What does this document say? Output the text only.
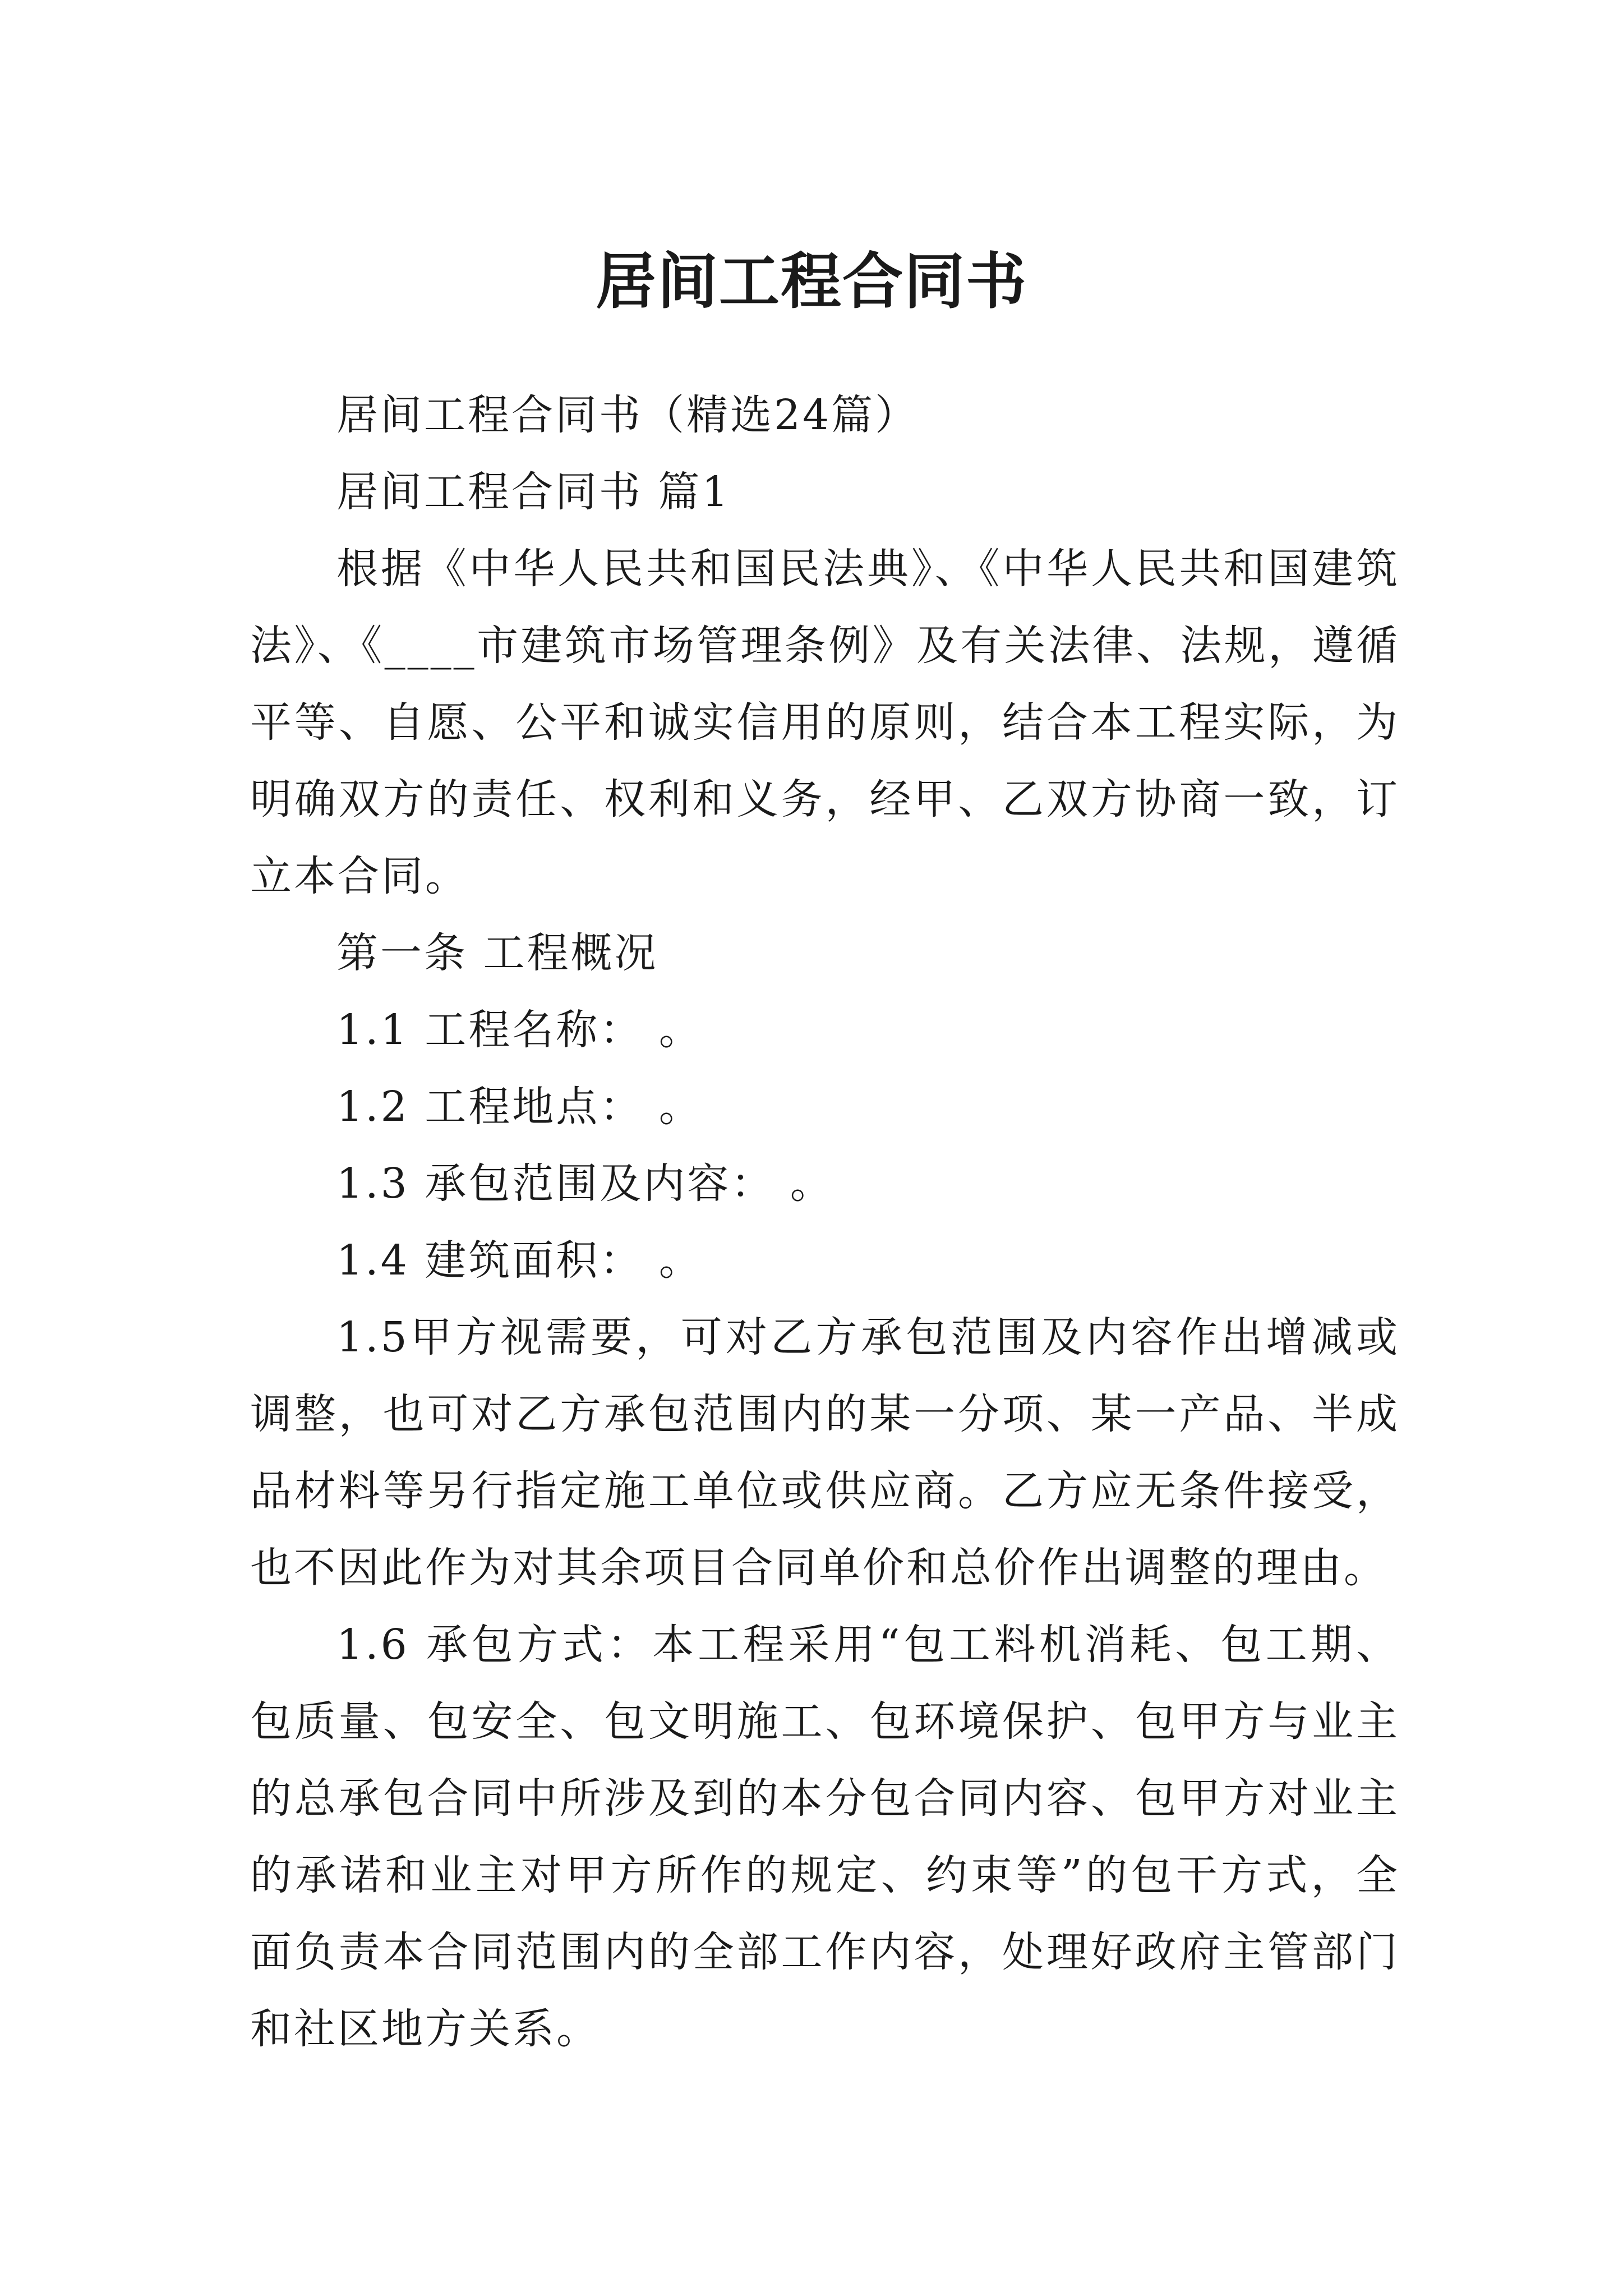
居间工程合同书

居间工程合同书（精选24篇）

居间工程合同书 篇1

根据《中华人民共和国民法典》、《中华人民共和国建筑法》、《____市建筑市场管理条例》及有关法律、法规，遵循平等、自愿、公平和诚实信用的原则，结合本工程实际，为明确双方的责任、权利和义务，经甲、乙双方协商一致，订立本合同。

第一条 工程概况

1.1 工程名称： 。

1.2 工程地点： 。

1.3 承包范围及内容： 。

1.4 建筑面积： 。

1.5甲方视需要，可对乙方承包范围及内容作出增减或调整，也可对乙方承包范围内的某一分项、某一产品、半成品材料等另行指定施工单位或供应商。乙方应无条件接受，也不因此作为对其余项目合同单价和总价作出调整的理由。

1.6 承包方式：本工程采用“包工料机消耗、包工期、包质量、包安全、包文明施工、包环境保护、包甲方与业主的总承包合同中所涉及到的本分包合同内容、包甲方对业主的承诺和业主对甲方所作的规定、约束等”的包干方式，全面负责本合同范围内的全部工作内容，处理好政府主管部门和社区地方关系。
